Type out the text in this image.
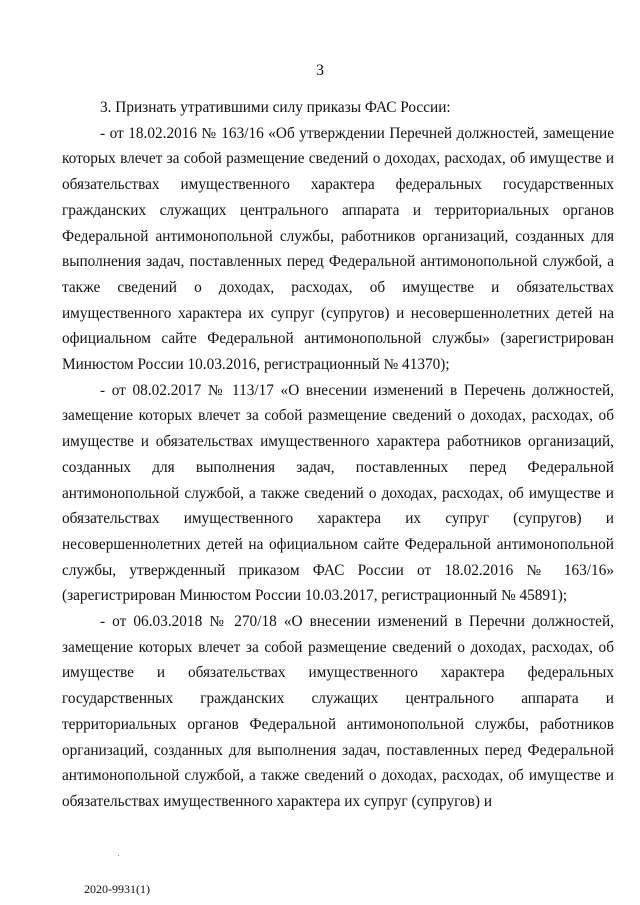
3

3. Признать утратившими силу приказы ФАС России:

- от 18.02.2016 № 163/16 «Об утверждении Перечней должностей, замещение которых влечет за собой размещение сведений о доходах, расходах, об имуществе и обязательствах имущественного характера федеральных государственных гражданских служащих центрального аппарата и территориальных органов Федеральной антимонопольной службы, работников организаций, созданных для выполнения задач, поставленных перед Федеральной антимонопольной службой, а также сведений о доходах, расходах, об имуществе и обязательствах имущественного характера их супруг (супругов) и несовершеннолетних детей на официальном сайте Федеральной антимонопольной службы» (зарегистрирован Минюстом России 10.03.2016, регистрационный № 41370);

- от 08.02.2017 № 113/17 «О внесении изменений в Перечень должностей, замещение которых влечет за собой размещение сведений о доходах, расходах, об имуществе и обязательствах имущественного характера работников организаций, созданных для выполнения задач, поставленных перед Федеральной антимонопольной службой, а также сведений о доходах, расходах, об имуществе и обязательствах имущественного характера их супруг (супругов) и несовершеннолетних детей на официальном сайте Федеральной антимонопольной службы, утвержденный приказом ФАС России от 18.02.2016 № 163/16» (зарегистрирован Минюстом России 10.03.2017, регистрационный № 45891);

- от 06.03.2018 № 270/18 «О внесении изменений в Перечни должностей, замещение которых влечет за собой размещение сведений о доходах, расходах, об имуществе и обязательствах имущественного характера федеральных государственных гражданских служащих центрального аппарата и территориальных органов Федеральной антимонопольной службы, работников организаций, созданных для выполнения задач, поставленных перед Федеральной антимонопольной службой, а также сведений о доходах, расходах, об имуществе и обязательствах имущественного характера их супруг (супругов) и

2020-9931(1)
